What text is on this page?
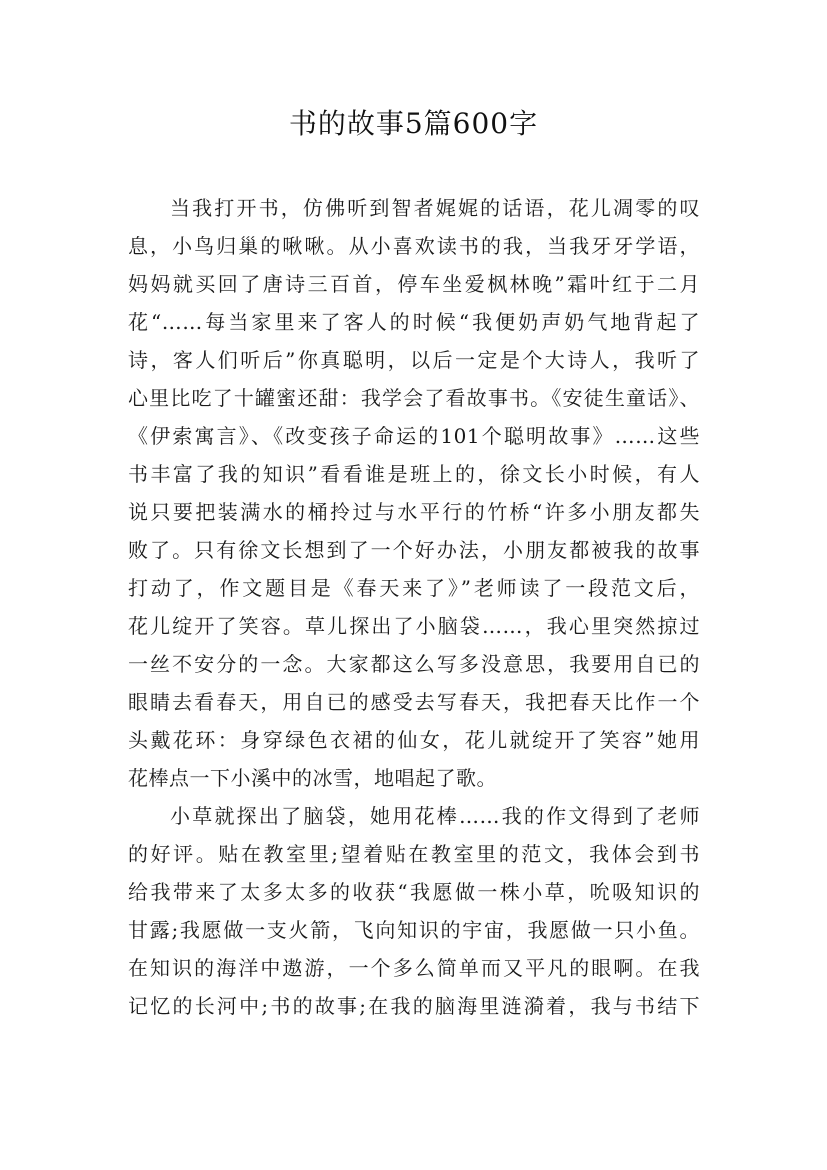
书的故事5篇600字
当我打开书，仿佛听到智者娓娓的话语，花儿凋零的叹
息，小鸟归巢的啾啾。从小喜欢读书的我，当我牙牙学语，
妈妈就买回了唐诗三百首，停车坐爱枫林晚”霜叶红于二月
花“……每当家里来了客人的时候“我便奶声奶气地背起了
诗，客人们听后”你真聪明，以后一定是个大诗人，我听了
心里比吃了十罐蜜还甜：我学会了看故事书。《安徒生童话》、
《伊索寓言》、《改变孩子命运的101个聪明故事》……这些
书丰富了我的知识”看看谁是班上的，徐文长小时候，有人
说只要把装满水的桶拎过与水平行的竹桥“许多小朋友都失
败了。只有徐文长想到了一个好办法，小朋友都被我的故事
打动了，作文题目是《春天来了》”老师读了一段范文后，
花儿绽开了笑容。草儿探出了小脑袋……，我心里突然掠过
一丝不安分的一念。大家都这么写多没意思，我要用自已的
眼睛去看春天，用自已的感受去写春天，我把春天比作一个
头戴花环：身穿绿色衣裙的仙女，花儿就绽开了笑容”她用
花棒点一下小溪中的冰雪，地唱起了歌。
小草就探出了脑袋，她用花棒……我的作文得到了老师
的好评。贴在教室里;望着贴在教室里的范文，我体会到书
给我带来了太多太多的收获“我愿做一株小草，吮吸知识的
甘露;我愿做一支火箭，飞向知识的宇宙，我愿做一只小鱼。
在知识的海洋中遨游，一个多么简单而又平凡的眼啊。在我
记忆的长河中;书的故事;在我的脑海里涟漪着，我与书结下
